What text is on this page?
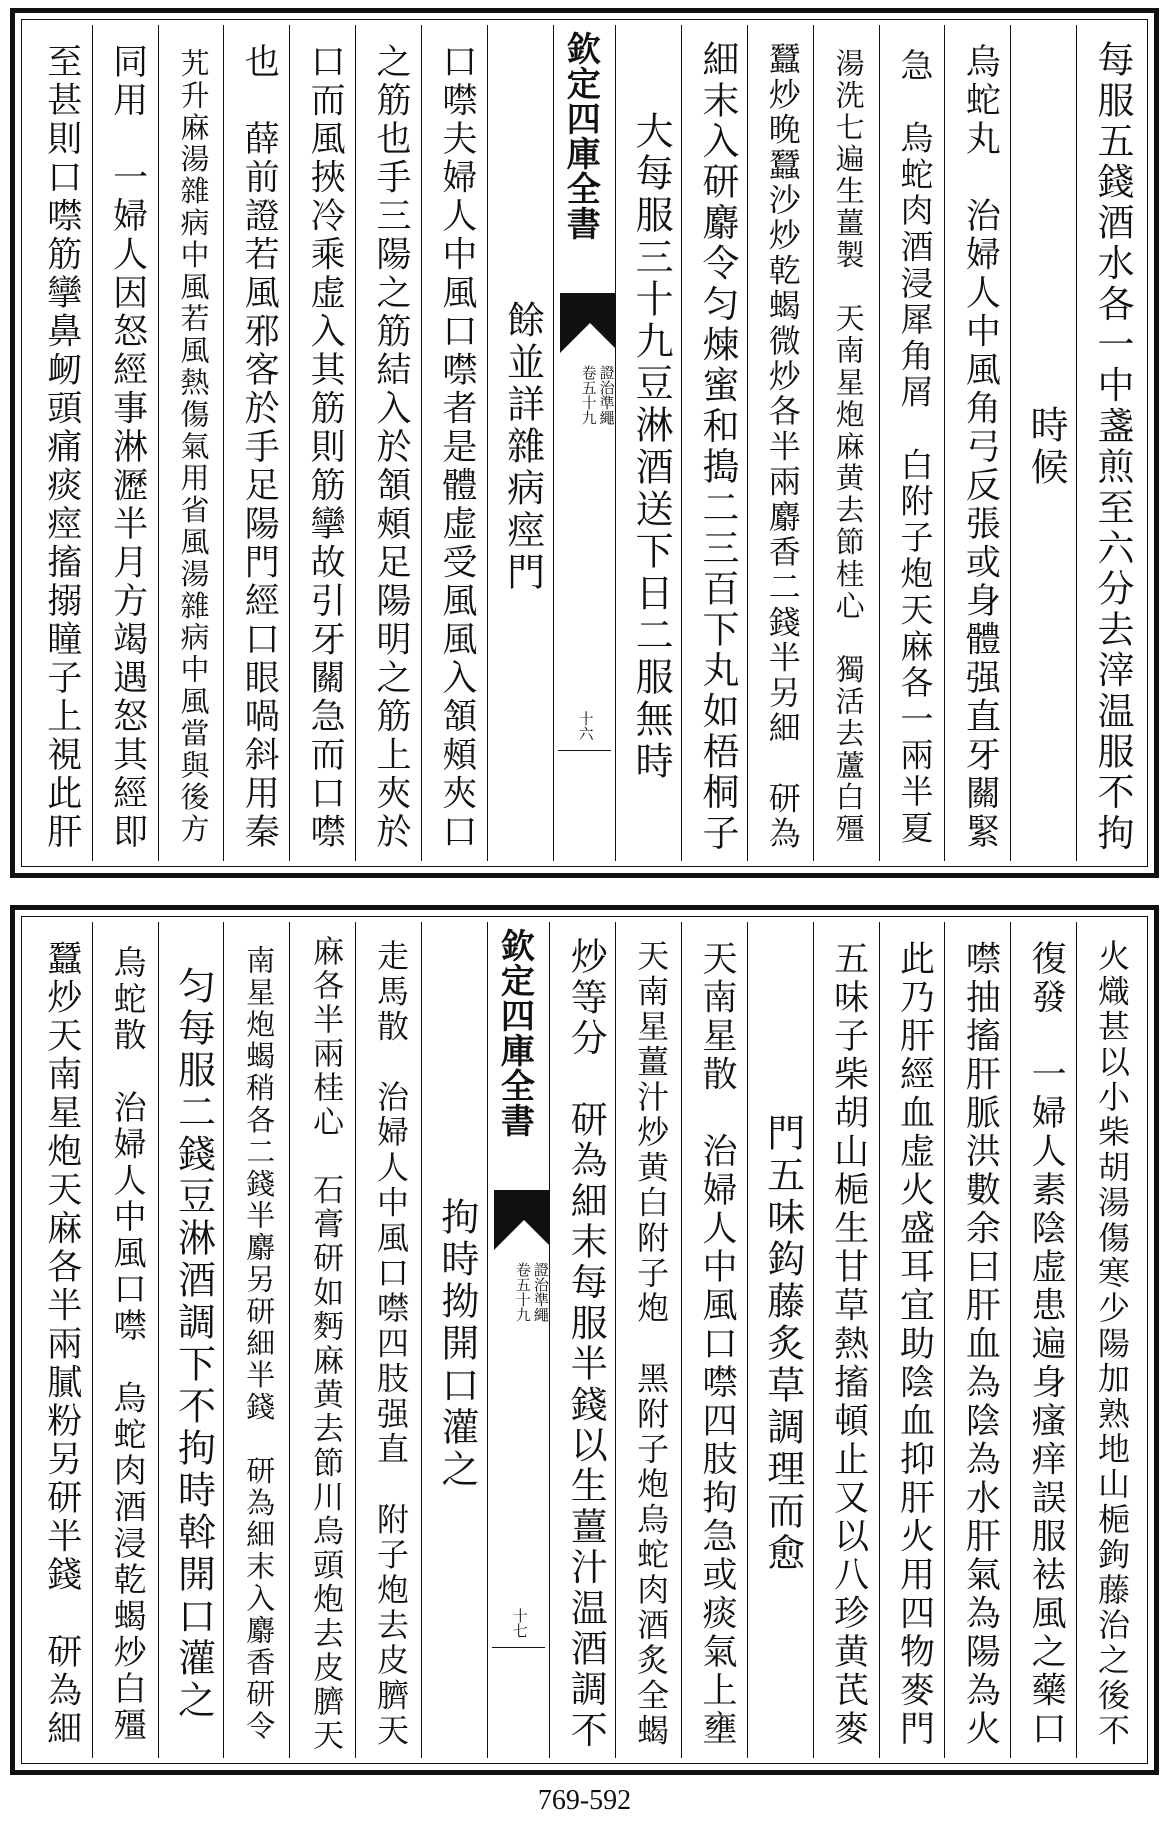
每服五錢酒水各一中盞煎至六分去滓温服不拘
時候
烏蛇丸　治婦人中風角弓反張或身體强直牙關緊
急　烏蛇肉酒浸犀角屑　白附子炮天麻各一兩半夏
湯洗七遍生薑製　天南星炮麻黄去節桂心　獨活去蘆白殭
蠶炒晚蠶沙炒乾蝎微炒各半兩麝香二錢半另細　研為
細末入研麝令匀煉蜜和搗二三百下丸如梧桐子
大每服三十九豆淋酒送下日二服無時
欽定四庫全書
證治準繩
卷五十九
十六
餘並詳雜病痙門
口噤夫婦人中風口噤者是體虚受風風入頷頰夾口
之筋也手三陽之筋結入於頷頰足陽明之筋上夾於
口而風挾冷乘虚入其筋則筋攣故引牙關急而口噤
也　薛前證若風邪客於手足陽門經口眼喎斜用秦
艽升麻湯雜病中風若風熱傷氣用省風湯雜病中風當與後方
同用　一婦人因怒經事淋瀝半月方竭遇怒其經即
至甚則口噤筋攣鼻衂頭痛痰痙搐搦瞳子上視此肝
火熾甚以小柴胡湯傷寒少陽加熟地山梔鉤藤治之後不
復發　一婦人素陰虚患遍身瘙痒誤服袪風之藥口
噤抽搐肝脈洪數余曰肝血為陰為水肝氣為陽為火
此乃肝經血虚火盛耳宜助陰血抑肝火用四物麥門
五味子柴胡山梔生甘草熱搐頓止又以八珍黄芪麥
門五味鈎藤炙草調理而愈
天南星散　治婦人中風口噤四肢拘急或痰氣上壅
天南星薑汁炒黄白附子炮　黑附子炮烏蛇肉酒炙全蝎
炒等分　研為細末每服半錢以生薑汁温酒調不
欽定四庫全書
證治準繩
卷五十九
十七
拘時拗開口灌之
走馬散　治婦人中風口噤四肢强直　附子炮去皮臍天
麻各半兩桂心　石膏研如麪麻黄去節川烏頭炮去皮臍天
南星炮蝎稍各二錢半麝另研細半錢　研為細末入麝香研令
匀每服二錢豆淋酒調下不拘時斡開口灌之
烏蛇散　治婦人中風口噤　烏蛇肉酒浸乾蝎炒白殭
蠶炒天南星炮天麻各半兩膩粉另研半錢　研為細
769-592
